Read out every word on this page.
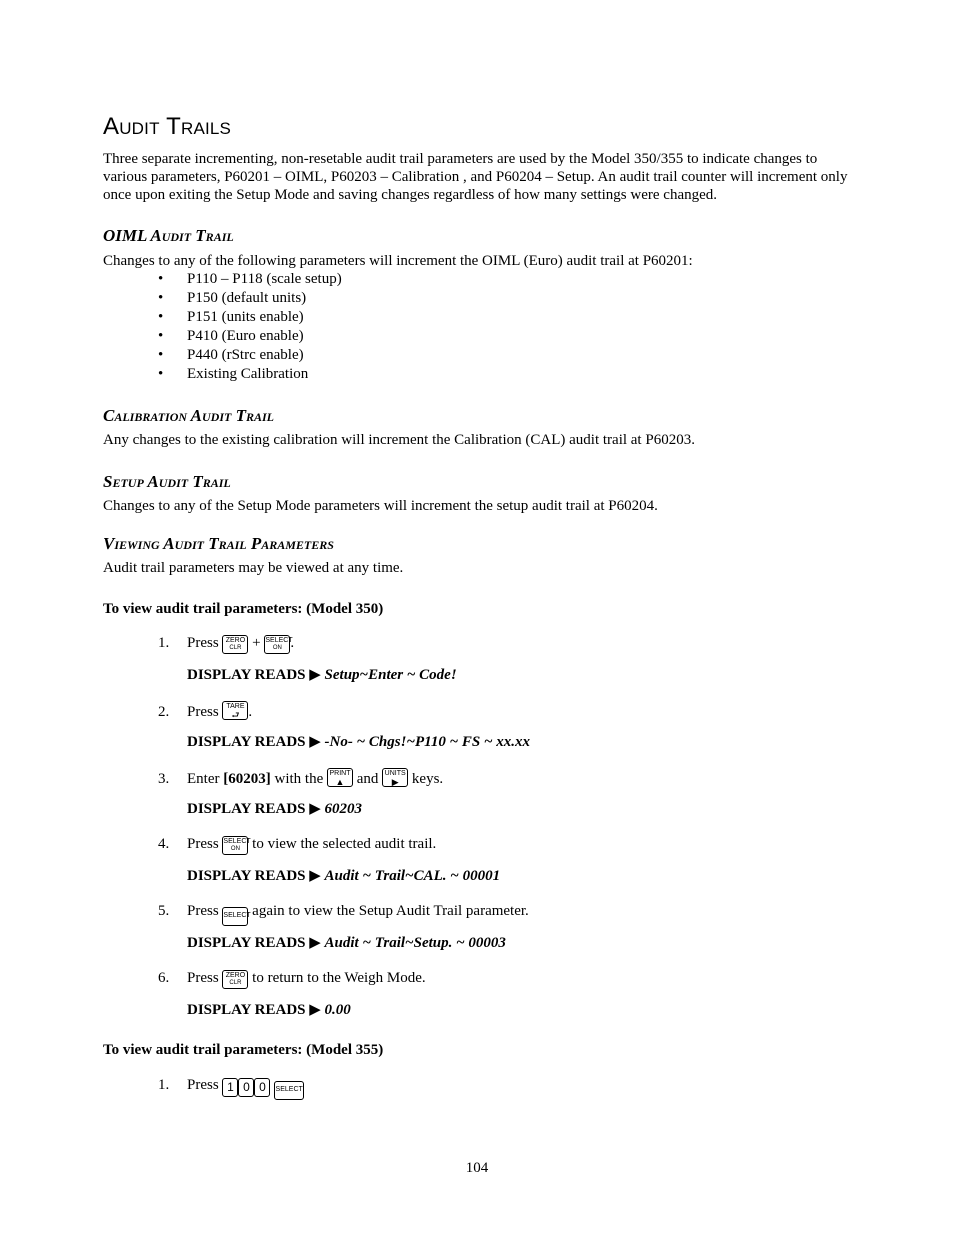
Audit Trails

Three separate incrementing, non-resetable audit trail parameters are used by the Model 350/355 to indicate changes to various parameters, P60201 – OIML, P60203 – Calibration , and P60204 – Setup. An audit trail counter will increment only once upon exiting the Setup Mode and saving changes regardless of how many settings were changed.

OIML Audit Trail

Changes to any of the following parameters will increment the OIML (Euro) audit trail at P60201:

• P110 – P118 (scale setup)
• P150 (default units)
• P151 (units enable)
• P410 (Euro enable)
• P440 (rStrc enable)
• Existing Calibration
Calibration Audit Trail

Any changes to the existing calibration will increment the Calibration (CAL) audit trail at P60203.

Setup Audit Trail

Changes to any of the Setup Mode parameters will increment the setup audit trail at P60204.

Viewing Audit Trail Parameters

Audit trail parameters may be viewed at any time.

To view audit trail parameters: (Model 350)

1. Press	ZERO
CLR + SELECT
ON .
DISPLAY READS ▶ Setup~Enter ~ Code!
2. Press	TARE
⮐ .
DISPLAY READS ▶ -No- ~ Chgs!~P110 ~ FS ~ xx.xx
3. Enter [60203] with the PRINT
▲ and UNITS
▶ keys.
DISPLAY READS ▶ 60203
4. Press SELECT
ON to view the selected audit trail.
DISPLAY READS ▶ Audit ~ Trail~CAL. ~ 00001
5. Press SELECT again to view the Setup Audit Trail parameter.
DISPLAY READS ▶ Audit ~ Trail~Setup. ~ 00003
6. Press	ZERO
CLR to return to the Weigh Mode.
DISPLAY READS ▶ 0.00

To view audit trail parameters: (Model 355)

1. Press 1 0 0
	SELECT
104
